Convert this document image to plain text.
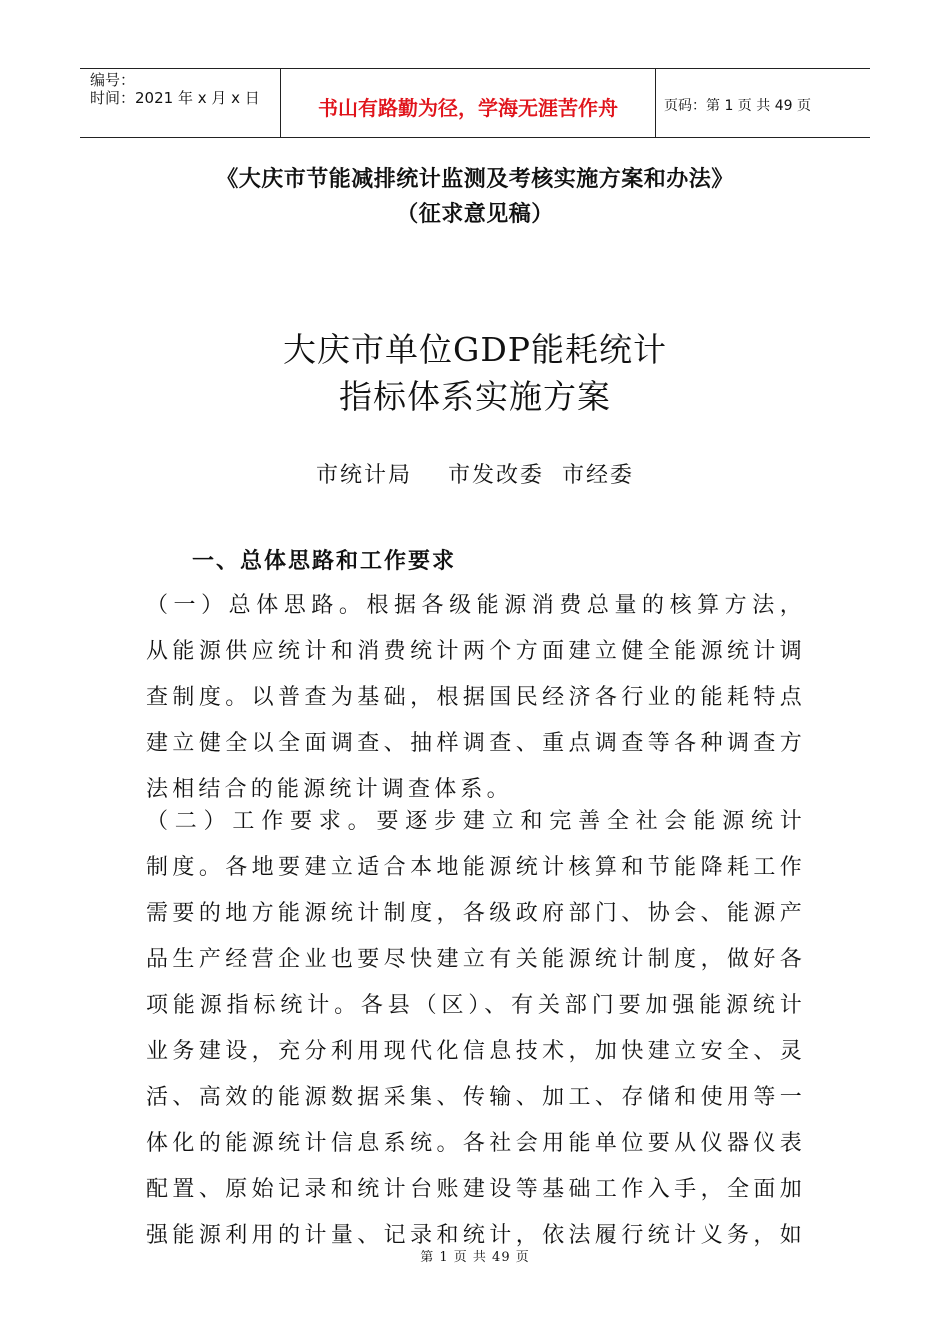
编号：
时间：2021 年 x 月 x 日	书山有路勤为径，学海无涯苦作舟	页码：第 1 页 共 49 页
《大庆市节能减排统计监测及考核实施方案和办法》
（征求意见稿）
大庆市单位GDP能耗统计
指标体系实施方案
市统计局    市发改委  市经委
一、总体思路和工作要求
（一）总体思路。根据各级能源消费总量的核算方法，
从能源供应统计和消费统计两个方面建立健全能源统计调
查制度。以普查为基础，根据国民经济各行业的能耗特点
建立健全以全面调查、抽样调查、重点调查等各种调查方
法相结合的能源统计调查体系。
（二）工作要求。要逐步建立和完善全社会能源统计
制度。各地要建立适合本地能源统计核算和节能降耗工作
需要的地方能源统计制度，各级政府部门、协会、能源产
品生产经营企业也要尽快建立有关能源统计制度，做好各
项能源指标统计。各县（区）、有关部门要加强能源统计
业务建设，充分利用现代化信息技术，加快建立安全、灵
活、高效的能源数据采集、传输、加工、存储和使用等一
体化的能源统计信息系统。各社会用能单位要从仪器仪表
配置、原始记录和统计台账建设等基础工作入手，全面加
强能源利用的计量、记录和统计，依法履行统计义务，如
第 1 页 共 49 页
